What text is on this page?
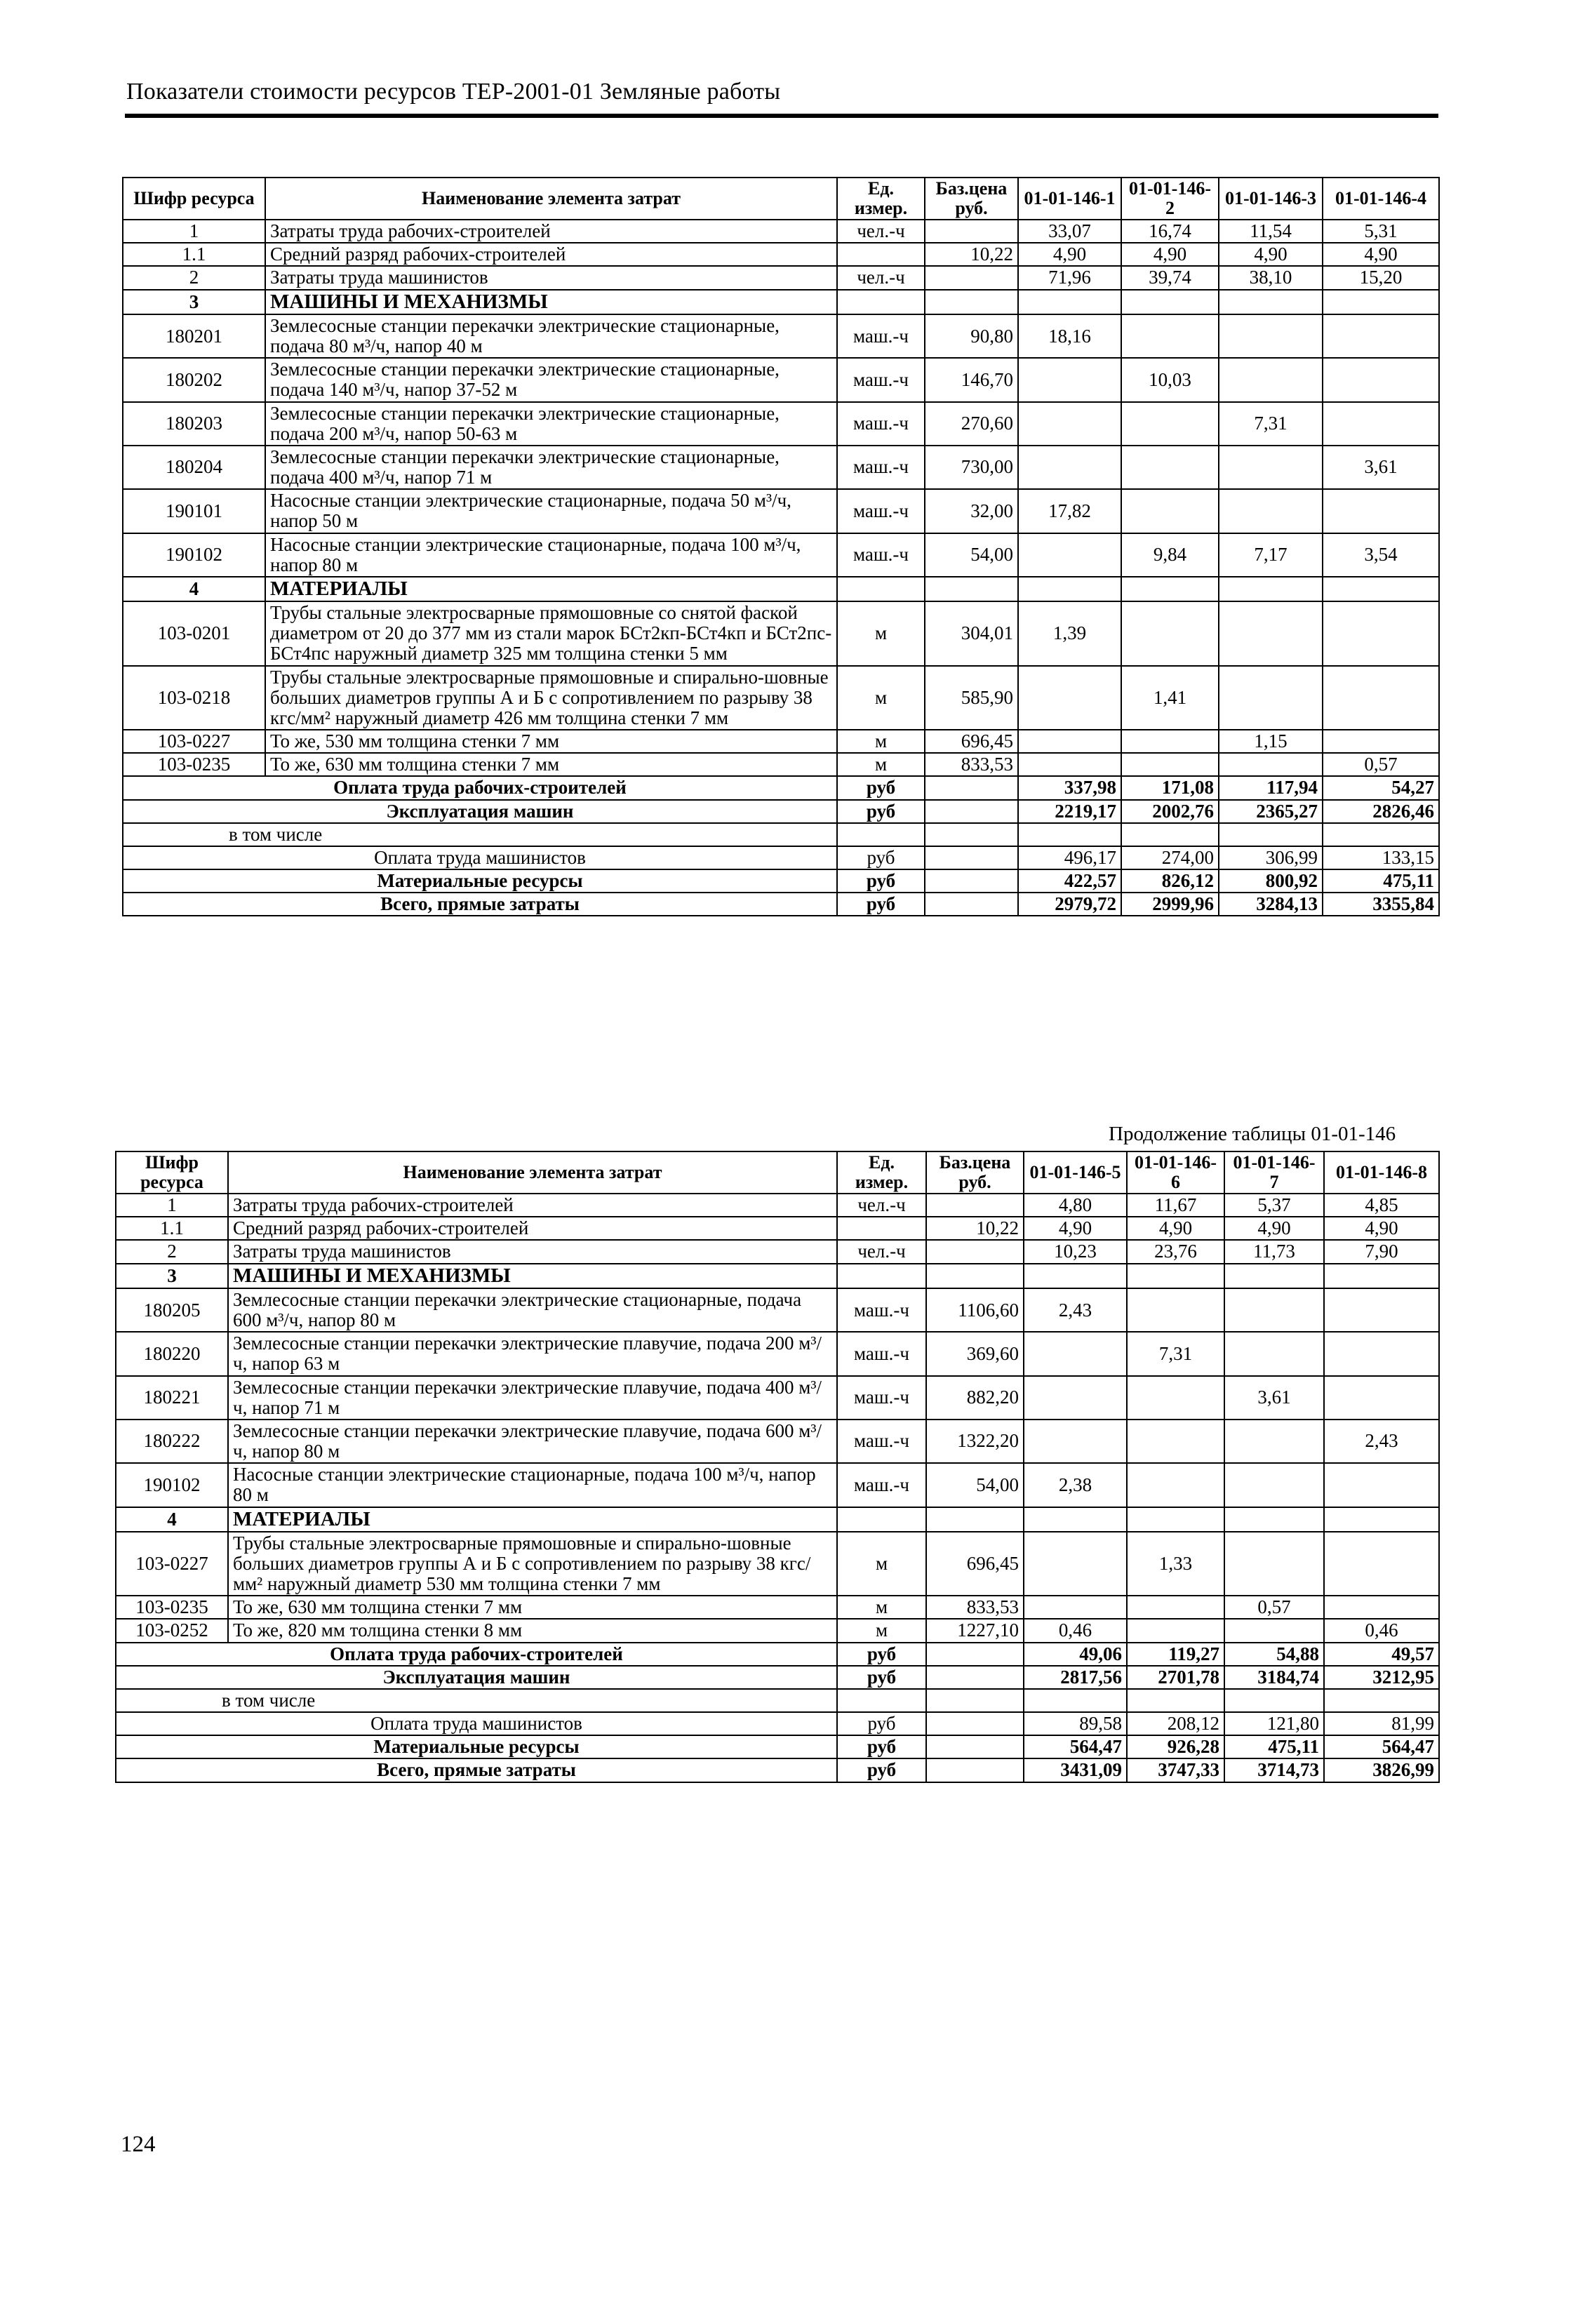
Показатели стоимости ресурсов ТЕР-2001-01 Земляные работы
Шифр ресурса	Наименование элемента затрат	Ед. измер.	Баз.цена руб.	01-01-146-1	01-01-146-2	01-01-146-3	01-01-146-4
1	Затраты труда рабочих-строителей	чел.-ч		33,07	16,74	11,54	5,31
1.1	Средний разряд рабочих-строителей		10,22	4,90	4,90	4,90	4,90
2	Затраты труда машинистов	чел.-ч		71,96	39,74	38,10	15,20
3	МАШИНЫ И МЕХАНИЗМЫ						
180201	Землесосные станции перекачки электрические стационарные, подача 80 м³/ч, напор 40 м	маш.-ч	90,80	18,16			
180202	Землесосные станции перекачки электрические стационарные, подача 140 м³/ч, напор 37-52 м	маш.-ч	146,70		10,03		
180203	Землесосные станции перекачки электрические стационарные, подача 200 м³/ч, напор 50-63 м	маш.-ч	270,60			7,31	
180204	Землесосные станции перекачки электрические стационарные, подача 400 м³/ч, напор 71 м	маш.-ч	730,00				3,61
190101	Насосные станции электрические стационарные, подача 50 м³/ч, напор 50 м	маш.-ч	32,00	17,82			
190102	Насосные станции электрические стационарные, подача 100 м³/ч, напор 80 м	маш.-ч	54,00		9,84	7,17	3,54
4	МАТЕРИАЛЫ						
103-0201	Трубы стальные электросварные прямошовные со снятой фаской диаметром от 20 до 377 мм из стали марок БСт2кп-БСт4кп и БСт2пс-БСт4пс наружный диаметр 325 мм толщина стенки 5 мм	м	304,01	1,39			
103-0218	Трубы стальные электросварные прямошовные и спирально-шовные больших диаметров группы А и Б с сопротивлением по разрыву 38 кгс/мм² наружный диаметр 426 мм толщина стенки 7 мм	м	585,90		1,41		
103-0227	То же, 530 мм толщина стенки 7 мм	м	696,45			1,15	
103-0235	То же, 630 мм толщина стенки 7 мм	м	833,53				0,57
Оплата труда рабочих-строителей		руб		337,98	171,08	117,94	54,27
Эксплуатация машин		руб		2219,17	2002,76	2365,27	2826,46
в том числе							
Оплата труда машинистов		руб		496,17	274,00	306,99	133,15
Материальные ресурсы		руб		422,57	826,12	800,92	475,11
Всего, прямые затраты		руб		2979,72	2999,96	3284,13	3355,84
Продолжение таблицы 01-01-146
Шифр ресурса	Наименование элемента затрат	Ед. измер.	Баз.цена руб.	01-01-146-5	01-01-146-6	01-01-146-7	01-01-146-8
1	Затраты труда рабочих-строителей	чел.-ч		4,80	11,67	5,37	4,85
1.1	Средний разряд рабочих-строителей		10,22	4,90	4,90	4,90	4,90
2	Затраты труда машинистов	чел.-ч		10,23	23,76	11,73	7,90
3	МАШИНЫ И МЕХАНИЗМЫ						
180205	Землесосные станции перекачки электрические стационарные, подача 600 м³/ч, напор 80 м	маш.-ч	1106,60	2,43			
180220	Землесосные станции перекачки электрические плавучие, подача 200 м³/ч, напор 63 м	маш.-ч	369,60		7,31		
180221	Землесосные станции перекачки электрические плавучие, подача 400 м³/ч, напор 71 м	маш.-ч	882,20			3,61	
180222	Землесосные станции перекачки электрические плавучие, подача 600 м³/ч, напор 80 м	маш.-ч	1322,20				2,43
190102	Насосные станции электрические стационарные, подача 100 м³/ч, напор 80 м	маш.-ч	54,00	2,38			
4	МАТЕРИАЛЫ						
103-0227	Трубы стальные электросварные прямошовные и спирально-шовные больших диаметров группы А и Б с сопротивлением по разрыву 38 кгс/мм² наружный диаметр 530 мм толщина стенки 7 мм	м	696,45		1,33		
103-0235	То же, 630 мм толщина стенки 7 мм	м	833,53			0,57	
103-0252	То же, 820 мм толщина стенки 8 мм	м	1227,10	0,46			0,46
Оплата труда рабочих-строителей		руб		49,06	119,27	54,88	49,57
Эксплуатация машин		руб		2817,56	2701,78	3184,74	3212,95
в том числе							
Оплата труда машинистов		руб		89,58	208,12	121,80	81,99
Материальные ресурсы		руб		564,47	926,28	475,11	564,47
Всего, прямые затраты		руб		3431,09	3747,33	3714,73	3826,99
124
